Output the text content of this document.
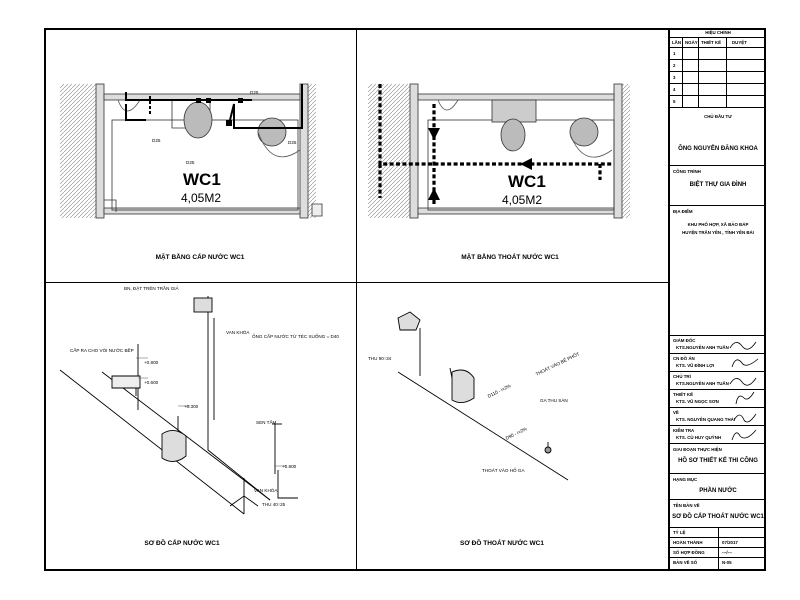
D25
D25
D25
D25
WC1
4,05M2
MẶT BẰNG CẤP NƯỚC WC1
WC1
4,05M2
MẶT BẰNG THOÁT NƯỚC WC1
BN, ĐẶT TRÊN TRẦN GIẢ
VAN KHÓA
ỐNG CẤP NƯỚC TỪ TÉC XUỐNG = D40
CẤP RA CHO VÒI NƯỚC BẾP
SEN TẮM
VAN KHÓA
THU 40↑25
+0.800
+0.600
+0.300
+0.800
SƠ ĐỒ CẤP NƯỚC WC1
THU 90↑34	THOÁT VÀO BỂ PHỐT
GA THU SÀN
THOÁT VÀO HỐ GA
D110 - i=2%
D90 - i=2%
SƠ ĐỒ THOÁT NƯỚC WC1
HIỆU CHỈNH
LẦN NGÀY THIẾT KẾ DUYỆT
1
2
3
4
5
CHỦ ĐẦU TƯ
ÔNG NGUYỄN ĐĂNG KHOA
CÔNG TRÌNH
BIỆT THỰ GIA ĐÌNH
ĐỊA ĐIỂM
KHU PHỐ HỢP, XÃ BẢO ĐÁP
HUYỆN TRẤN YÊN , TỈNH YÊN BÁI
GIÁM ĐỐC
KTS.NGUYỄN ANH TUẤN
CN ĐỒ ÁN
KTS. VŨ ĐÌNH LỢI
CHỦ TRÌ
KTS.NGUYỄN ANH TUẤN
THIẾT KẾ
KTS. VŨ NGỌC SƠN
VẼ
KTS. NGUYỄN QUANG THÁI
KIỂM TRA
KTS. CÙ HUY QUỲNH
GIAI ĐOẠN THỰC HIỆN
HỒ SƠ THIẾT KẾ THI CÔNG
HẠNG MỤC
PHẦN NƯỚC
TÊN BẢN VẼ
SƠ ĐỒ CẤP THOÁT NƯỚC WC1
TỶ LỆ
HOÀN THÀNH	07/2017
SỐ HỢP ĐỒNG	---/---
BẢN VẼ SỐ	N-05
